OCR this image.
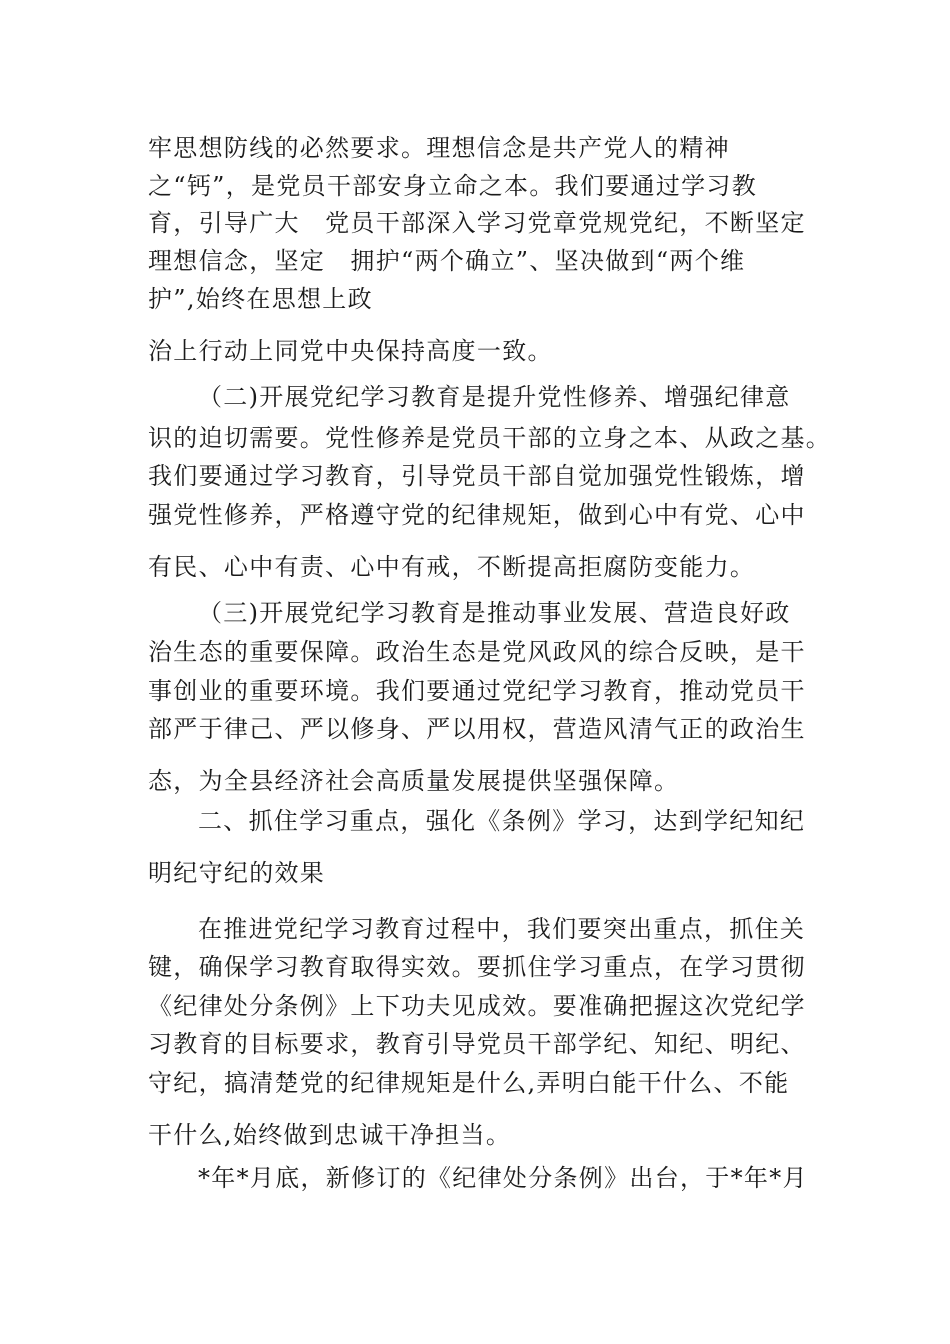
牢思想防线的必然要求。理想信念是共产党人的精神
之“钙”，是党员干部安身立命之本。我们要通过学习教
育，引导广大　党员干部深入学习党章党规党纪，不断坚定
理想信念，坚定　拥护“两个确立”、坚决做到“两个维
护”,始终在思想上政
治上行动上同党中央保持高度一致。
（二)开展党纪学习教育是提升党性修养、增强纪律意
识的迫切需要。党性修养是党员干部的立身之本、从政之基。
我们要通过学习教育，引导党员干部自觉加强党性锻炼，增
强党性修养，严格遵守党的纪律规矩，做到心中有党、心中
有民、心中有责、心中有戒，不断提高拒腐防变能力。
（三)开展党纪学习教育是推动事业发展、营造良好政
治生态的重要保障。政治生态是党风政风的综合反映，是干
事创业的重要环境。我们要通过党纪学习教育，推动党员干
部严于律己、严以修身、严以用权，营造风清气正的政治生
态，为全县经济社会高质量发展提供坚强保障。
二、抓住学习重点，强化《条例》学习，达到学纪知纪
明纪守纪的效果
在推进党纪学习教育过程中，我们要突出重点，抓住关
键，确保学习教育取得实效。要抓住学习重点，在学习贯彻
《纪律处分条例》上下功夫见成效。要准确把握这次党纪学
习教育的目标要求，教育引导党员干部学纪、知纪、明纪、
守纪，搞清楚党的纪律规矩是什么,弄明白能干什么、不能
干什么,始终做到忠诚干净担当。
*年*月底，新修订的《纪律处分条例》出台，于*年*月
